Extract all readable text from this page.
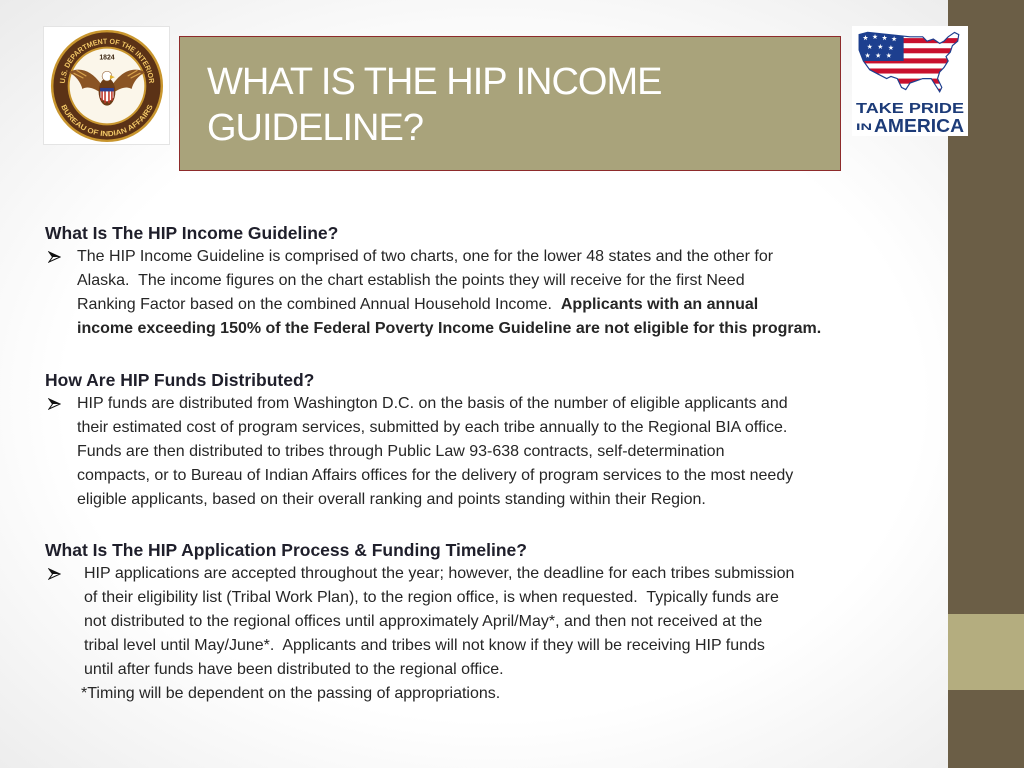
U.S. DEPARTMENT OF THE INTERIOR
BUREAU OF INDIAN AFFAIRS
1824
WHAT IS THE HIP INCOME
GUIDELINE?	TAKE PRIDE
IN AMERICA
What Is The HIP Income Guideline?
The HIP Income Guideline is comprised of two charts, one for the lower 48 states and the other for
Alaska.  The income figures on the chart establish the points they will receive for the first Need
Ranking Factor based on the combined Annual Household Income.  Applicants with an annual
income exceeding 150% of the Federal Poverty Income Guideline are not eligible for this program.
How Are HIP Funds Distributed?
HIP funds are distributed from Washington D.C. on the basis of the number of eligible applicants and
their estimated cost of program services, submitted by each tribe annually to the Regional BIA office.
Funds are then distributed to tribes through Public Law 93-638 contracts, self-determination
compacts, or to Bureau of Indian Affairs offices for the delivery of program services to the most needy
eligible applicants, based on their overall ranking and points standing within their Region.
What Is The HIP Application Process & Funding Timeline?
HIP applications are accepted throughout the year; however, the deadline for each tribes submission
of their eligibility list (Tribal Work Plan), to the region office, is when requested.  Typically funds are
not distributed to the regional offices until approximately April/May*, and then not received at the
tribal level until May/June*.  Applicants and tribes will not know if they will be receiving HIP funds
until after funds have been distributed to the regional office.
*Timing will be dependent on the passing of appropriations.
